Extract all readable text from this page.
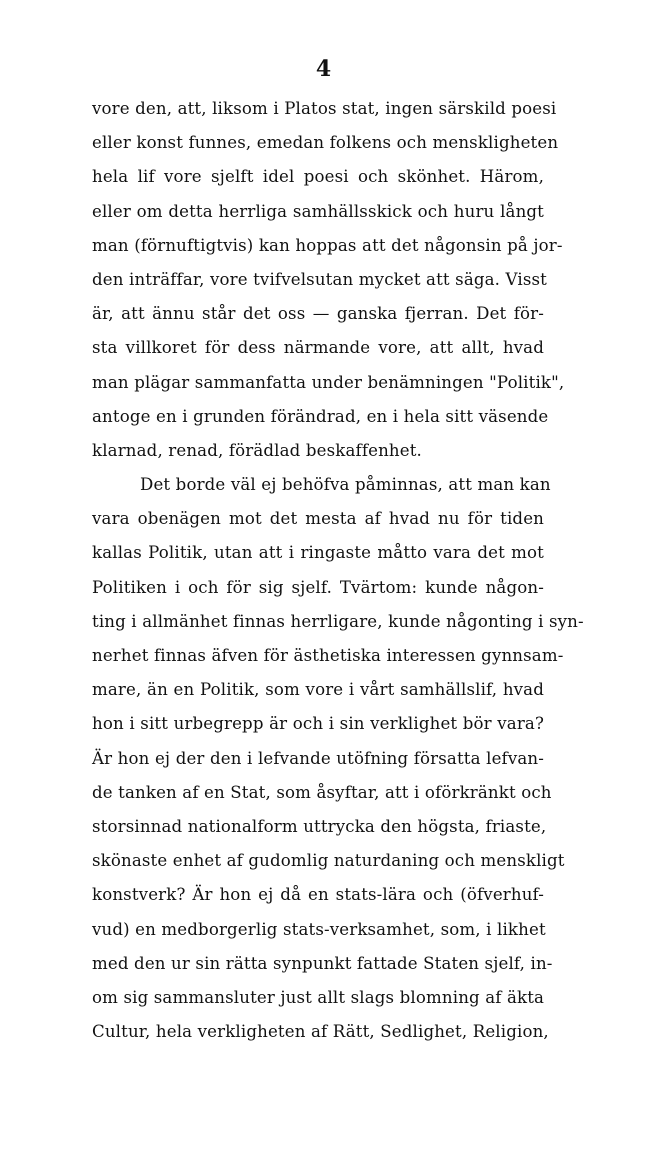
4
vore den, att, liksom i Platos stat, ingen särskild poesi
eller konst funnes, emedan folkens och menskligheten
hela lif vore sjelft idel poesi och skönhet. Härom,
eller om detta herrliga samhällsskick och huru långt
man (förnuftigtvis) kan hoppas att det någonsin på jor-
den inträffar, vore tvifvelsutan mycket att säga. Visst
är, att ännu står det oss — ganska fjerran. Det för-
sta villkoret för dess närmande vore, att allt, hvad
man plägar sammanfatta under benämningen "Politik",
antoge en i grunden förändrad, en i hela sitt väsende
klarnad, renad, förädlad beskaffenhet.
Det borde väl ej behöfva påminnas, att man kan
vara obenägen mot det mesta af hvad nu för tiden
kallas Politik, utan att i ringaste måtto vara det mot
Politiken i och för sig sjelf. Tvärtom: kunde någon-
ting i allmänhet finnas herrligare, kunde någonting i syn-
nerhet finnas äfven för ästhetiska interessen gynnsam-
mare, än en Politik, som vore i vårt samhällslif, hvad
hon i sitt urbegrepp är och i sin verklighet bör vara?
Är hon ej der den i lefvande utöfning försatta lefvan-
de tanken af en Stat, som åsyftar, att i oförkränkt och
storsinnad nationalform uttrycka den högsta, friaste,
skönaste enhet af gudomlig naturdaning och menskligt
konstverk? Är hon ej då en stats-lära och (öfverhuf-
vud) en medborgerlig stats-verksamhet, som, i likhet
med den ur sin rätta synpunkt fattade Staten sjelf, in-
om sig sammansluter just allt slags blomning af äkta
Cultur, hela verkligheten af Rätt, Sedlighet, Religion,
